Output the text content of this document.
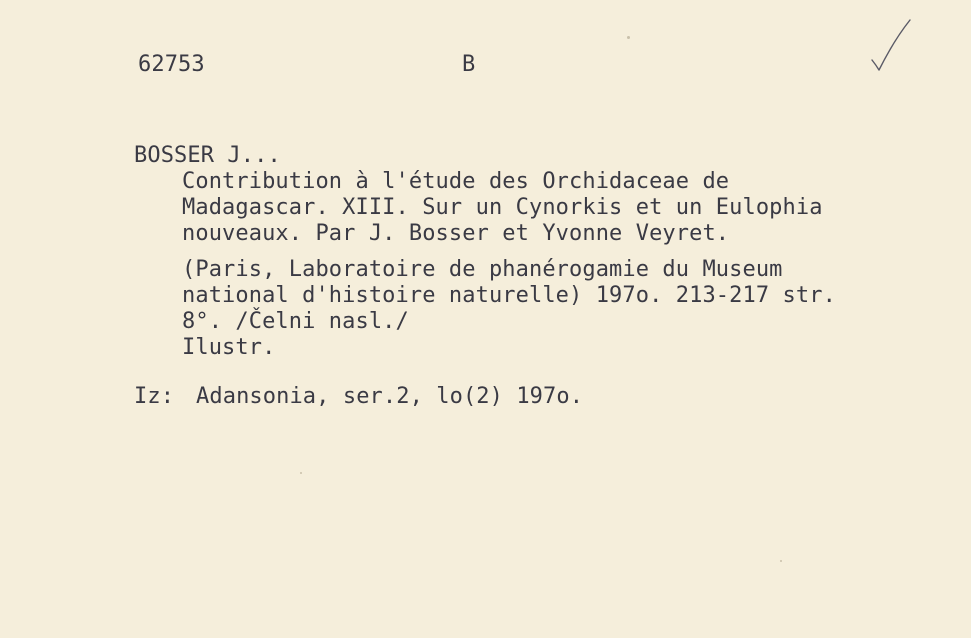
62753	B
BOSSER J...
Contribution à l'étude des Orchidaceae de
Madagascar. XIII. Sur un Cynorkis et un Eulophia
nouveaux. Par J. Bosser et Yvonne Veyret.
(Paris, Laboratoire de phanérogamie du Museum
national d'histoire naturelle) 197o. 213-217 str.
8°. /Čelni nasl./
Ilustr.
Iz: Adansonia, ser.2, lo(2) 197o.
